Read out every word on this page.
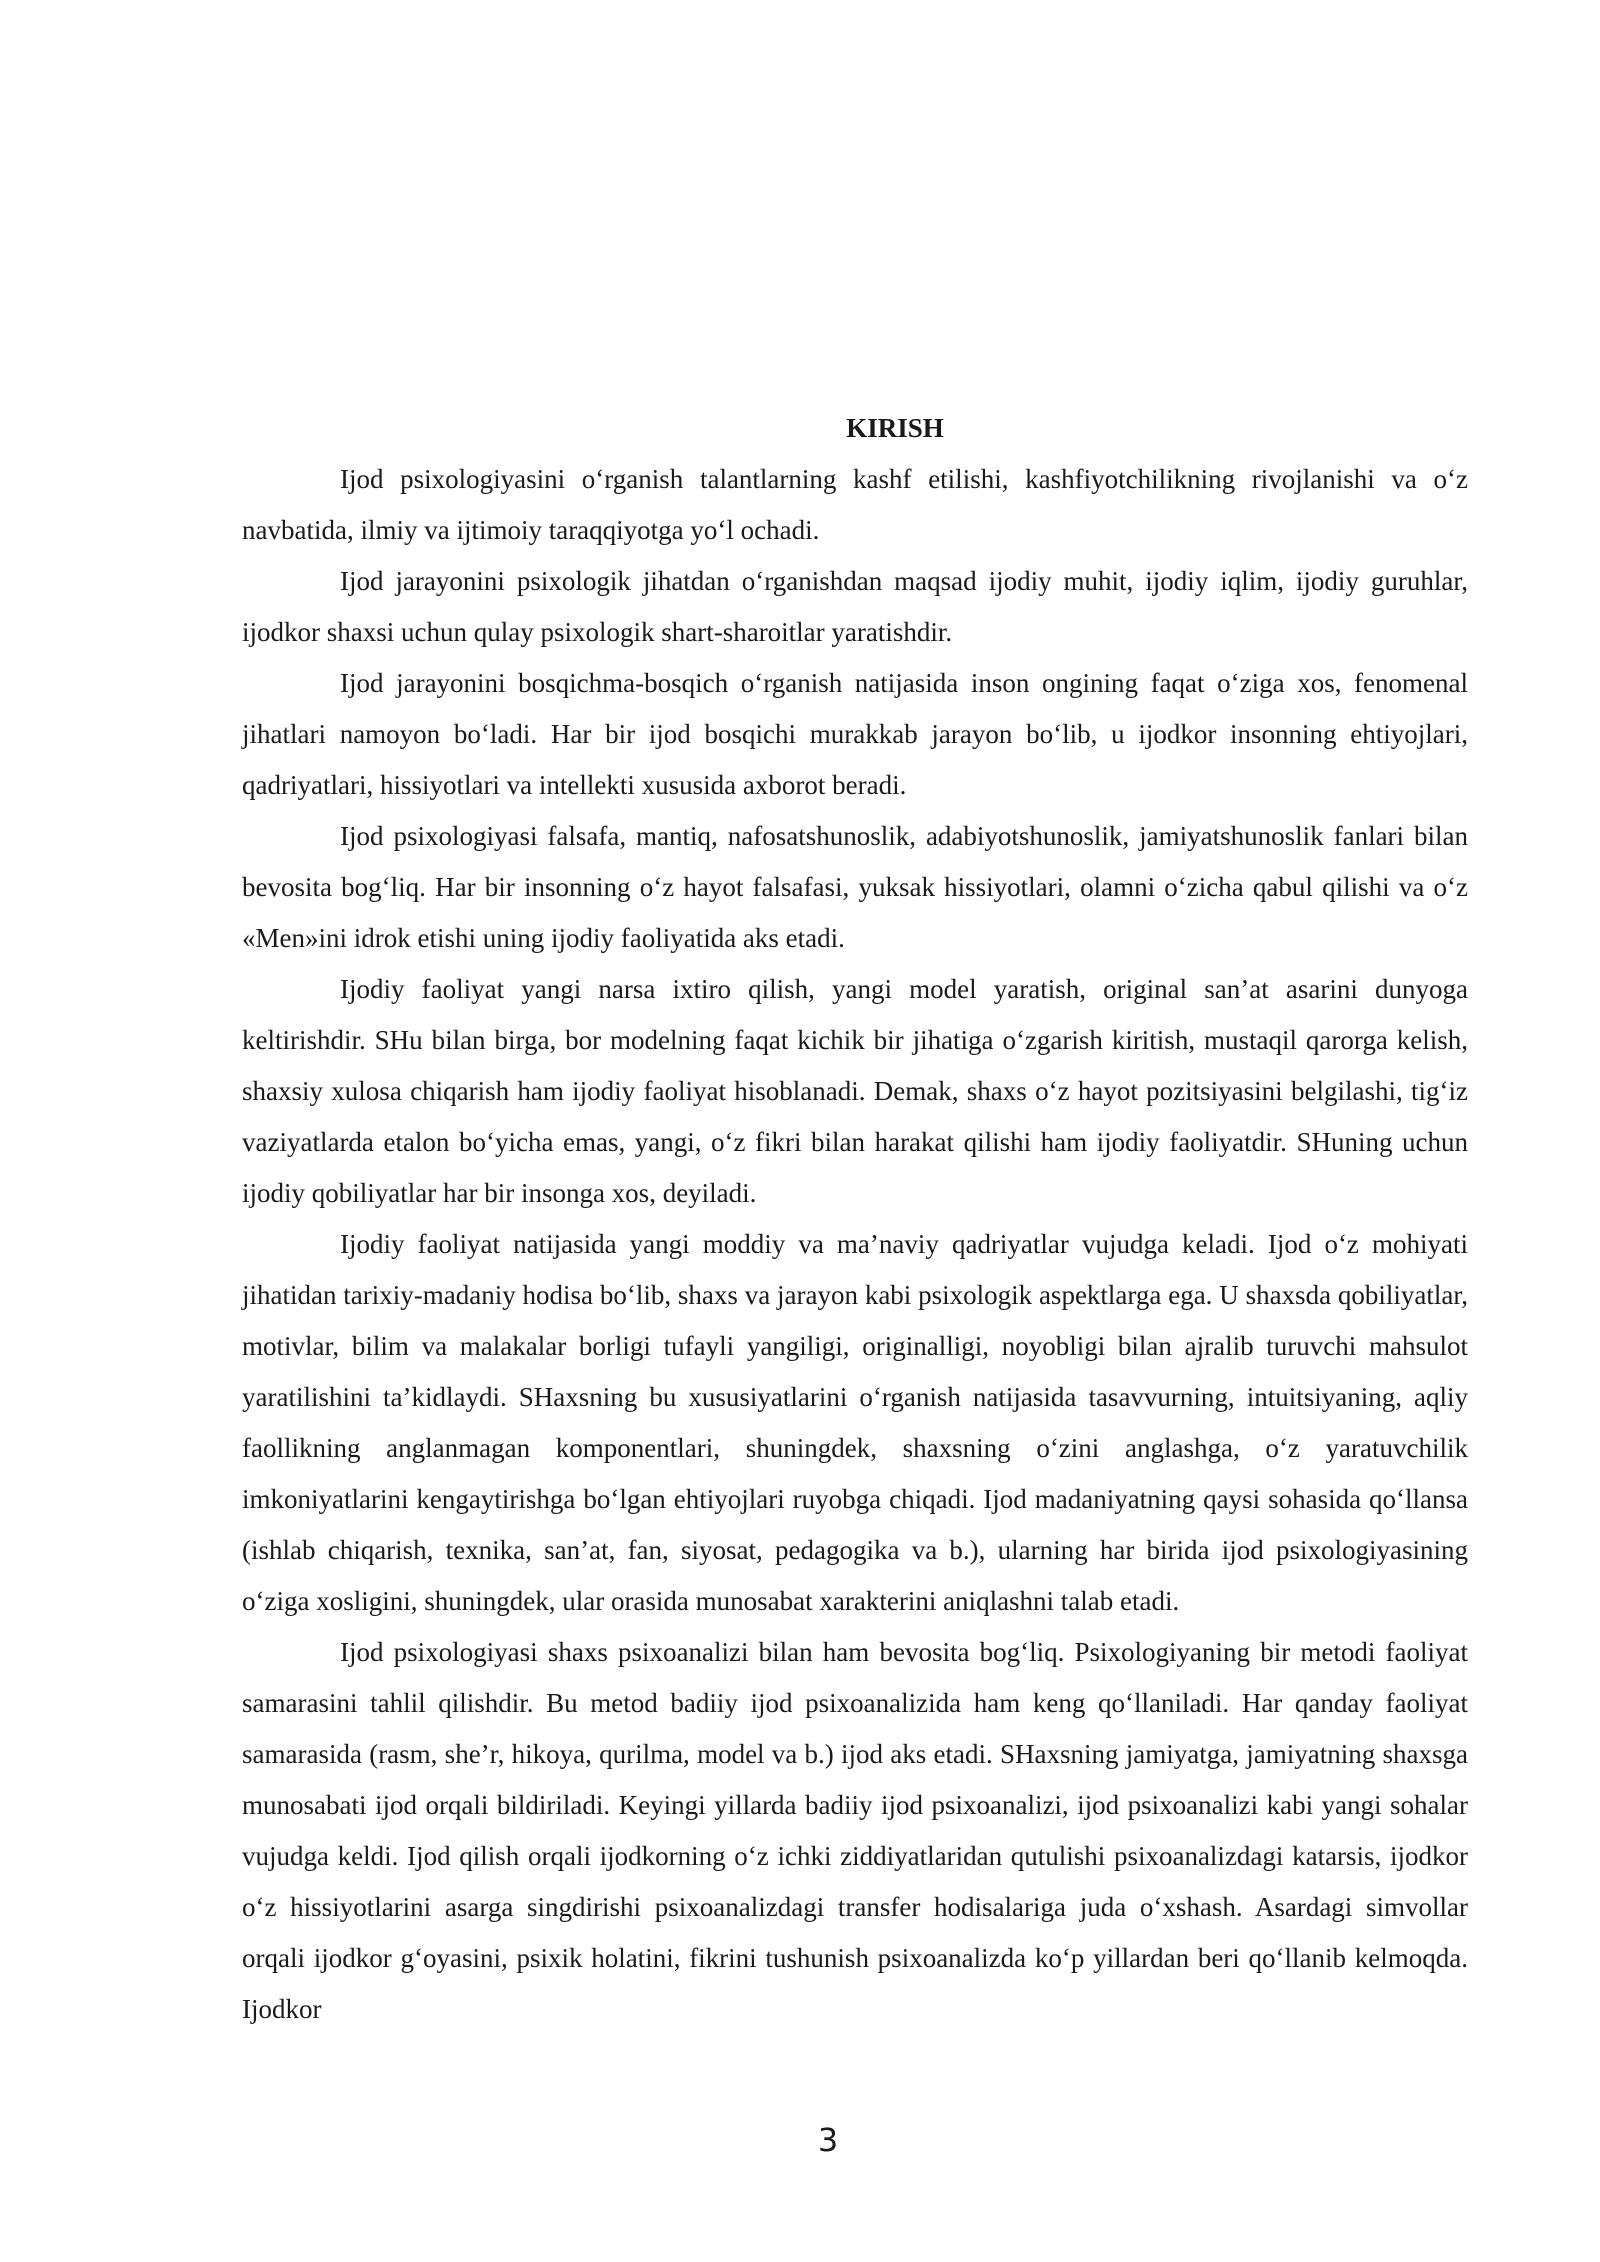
KIRISH

Ijod psixologiyasini o‘rganish talantlarning kashf etilishi, kashfiyotchilikning rivojlanishi va o‘z navbatida, ilmiy va ijtimoiy taraqqiyotga yo‘l ochadi.

Ijod jarayonini psixologik jihatdan o‘rganishdan maqsad ijodiy muhit, ijodiy iqlim, ijodiy guruhlar, ijodkor shaxsi uchun qulay psixologik shart-sharoitlar yaratishdir.

Ijod jarayonini bosqichma-bosqich o‘rganish natijasida inson ongining faqat o‘ziga xos, fenomenal jihatlari namoyon bo‘ladi. Har bir ijod bosqichi murakkab jarayon bo‘lib, u ijodkor insonning ehtiyojlari, qadriyatlari, hissiyotlari va intellekti xususida axborot beradi.

Ijod psixologiyasi falsafa, mantiq, nafosatshunoslik, adabiyotshunoslik, jamiyatshunoslik fanlari bilan bevosita bog‘liq. Har bir insonning o‘z hayot falsafasi, yuksak hissiyotlari, olamni o‘zicha qabul qilishi va o‘z «Men»ini idrok etishi uning ijodiy faoliyatida aks etadi.

Ijodiy faoliyat yangi narsa ixtiro qilish, yangi model yaratish, original san’at asarini dunyoga keltirishdir. SHu bilan birga, bor modelning faqat kichik bir jihatiga o‘zgarish kiritish, mustaqil qarorga kelish, shaxsiy xulosa chiqarish ham ijodiy faoliyat hisoblanadi. Demak, shaxs o‘z hayot pozitsiyasini belgilashi, tig‘iz vaziyatlarda etalon bo‘yicha emas, yangi, o‘z fikri bilan harakat qilishi ham ijodiy faoliyatdir. SHuning uchun ijodiy qobiliyatlar har bir insonga xos, deyiladi.

Ijodiy faoliyat natijasida yangi moddiy va ma’naviy qadriyatlar vujudga keladi. Ijod o‘z mohiyati jihatidan tarixiy-madaniy hodisa bo‘lib, shaxs va jarayon kabi psixologik aspektlarga ega. U shaxsda qobiliyatlar, motivlar, bilim va malakalar borligi tufayli yangiligi, originalligi, noyobligi bilan ajralib turuvchi mahsulot yaratilishini ta’kidlaydi. SHaxsning bu xususiyatlarini o‘rganish natijasida tasavvurning, intuitsiyaning, aqliy faollikning anglanmagan komponentlari, shuningdek, shaxsning o‘zini anglashga, o‘z yaratuvchilik imkoniyatlarini kengaytirishga bo‘lgan ehtiyojlari ruyobga chiqadi. Ijod madaniyatning qaysi sohasida qo‘llansa (ishlab chiqarish, texnika, san’at, fan, siyosat, pedagogika va b.), ularning har birida ijod psixologiyasining o‘ziga xosligini, shuningdek, ular orasida munosabat xarakterini aniqlashni talab etadi.

Ijod psixologiyasi shaxs psixoanalizi bilan ham bevosita bog‘liq. Psixologiyaning bir metodi faoliyat samarasini tahlil qilishdir. Bu metod badiiy ijod psixoanalizida ham keng qo‘llaniladi. Har qanday faoliyat samarasida (rasm, she’r, hikoya, qurilma, model va b.) ijod aks etadi. SHaxsning jamiyatga, jamiyatning shaxsga munosabati ijod orqali bildiriladi. Keyingi yillarda badiiy ijod psixoanalizi, ijod psixoanalizi kabi yangi sohalar vujudga keldi. Ijod qilish orqali ijodkorning o‘z ichki ziddiyatlaridan qutulishi psixoanalizdagi katarsis, ijodkor o‘z hissiyotlarini asarga singdirishi psixoanalizdagi transfer hodisalariga juda o‘xshash. Asardagi simvollar orqali ijodkor g‘oyasini, psixik holatini, fikrini tushunish psixoanalizda ko‘p yillardan beri qo‘llanib kelmoqda. Ijodkor

3
